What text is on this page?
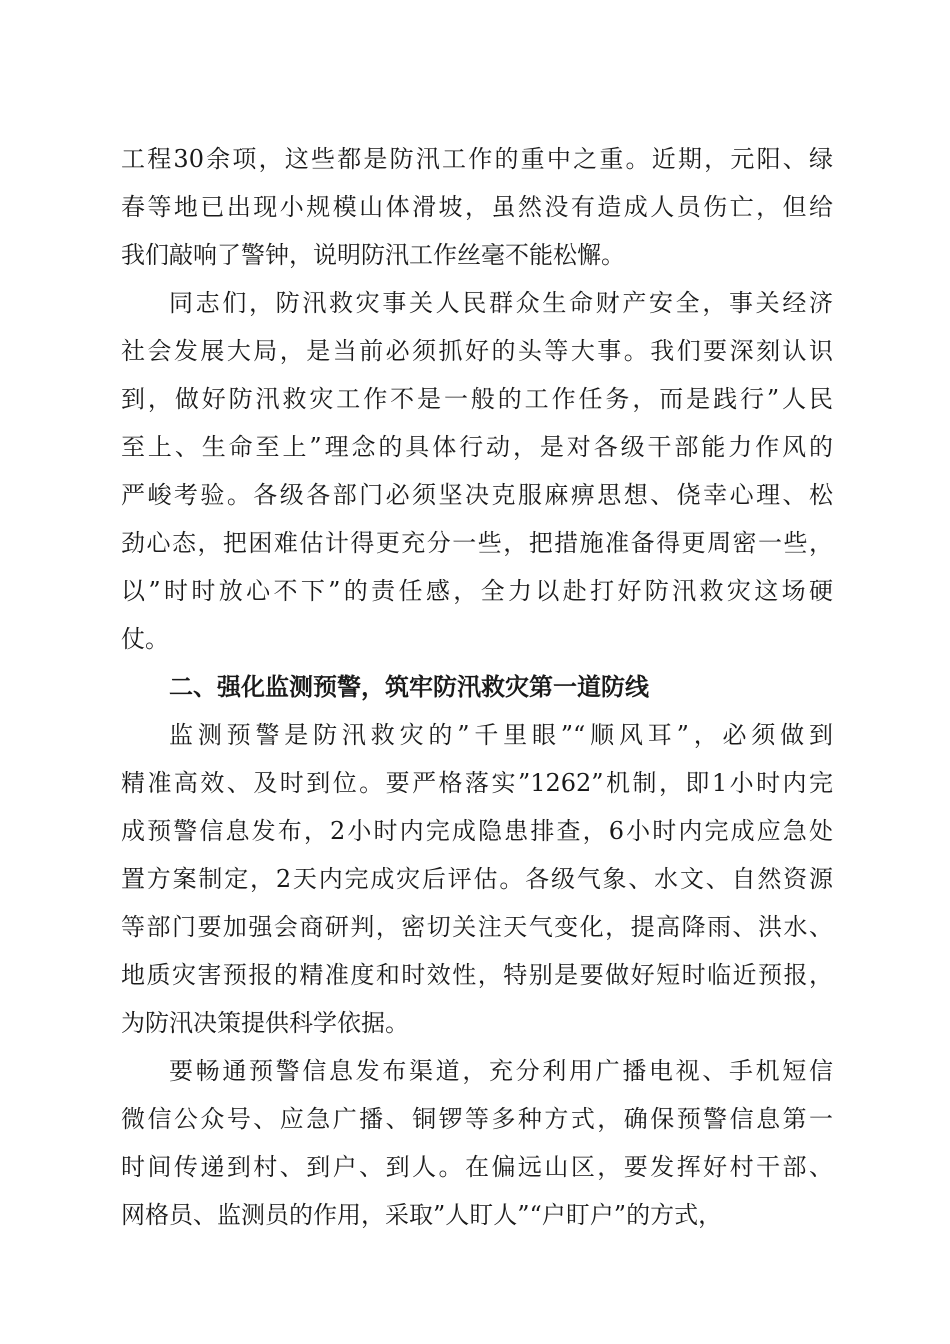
工程30余项，这些都是防汛工作的重中之重。近期，元阳、绿
春等地已出现小规模山体滑坡，虽然没有造成人员伤亡，但给
我们敲响了警钟，说明防汛工作丝毫不能松懈。
同志们，防汛救灾事关人民群众生命财产安全，事关经济
社会发展大局，是当前必须抓好的头等大事。我们要深刻认识
到，做好防汛救灾工作不是一般的工作任务，而是践行”人民
至上、生命至上”理念的具体行动，是对各级干部能力作风的
严峻考验。各级各部门必须坚决克服麻痹思想、侥幸心理、松
劲心态，把困难估计得更充分一些，把措施准备得更周密一些，
以”时时放心不下”的责任感，全力以赴打好防汛救灾这场硬
仗。
二、强化监测预警，筑牢防汛救灾第一道防线
监测预警是防汛救灾的”千里眼”“顺风耳”，必须做到
精准高效、及时到位。要严格落实”1262”机制，即1小时内完
成预警信息发布，2小时内完成隐患排查，6小时内完成应急处
置方案制定，2天内完成灾后评估。各级气象、水文、自然资源
等部门要加强会商研判，密切关注天气变化，提高降雨、洪水、
地质灾害预报的精准度和时效性，特别是要做好短时临近预报，
为防汛决策提供科学依据。
要畅通预警信息发布渠道，充分利用广播电视、手机短信
微信公众号、应急广播、铜锣等多种方式，确保预警信息第一
时间传递到村、到户、到人。在偏远山区，要发挥好村干部、
网格员、监测员的作用，采取”人盯人”“户盯户”的方式，
